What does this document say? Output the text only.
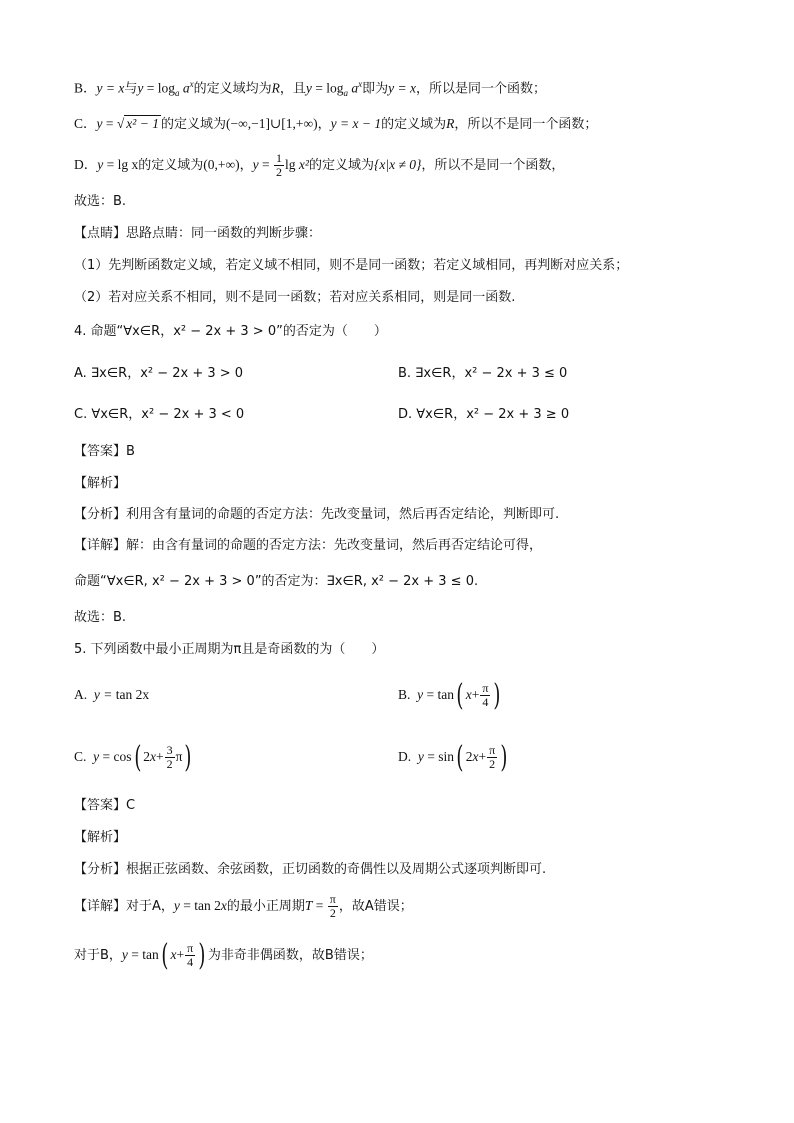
B．y = x与$y = \log_a a^x$的定义域均为R，且$y = \log_a a^x$即为y = x，所以是同一个函数；
C．y = √ x² − 1 的定义域为(−∞,−1]∪[1,+∞)，y = x − 1的定义域为R，所以不是同一个函数；
D．y = lg x的定义域为(0,+∞)，$y = \frac{1}{2}$ lg x²的定义域为{x|x ≠ 0}，所以不是同一个函数，
故选：B.
【点睛】思路点睛：同一函数的判断步骤：
（1）先判断函数定义域，若定义域不相同，则不是同一函数；若定义域相同，再判断对应关系；
（2）若对应关系不相同，则不是同一函数；若对应关系相同，则是同一函数.
4. 命题“∀x∈R，x² − 2x + 3 > 0”的否定为（　　）
A. ∃x∈R，x² − 2x + 3 > 0	B. ∃x∈R，x² − 2x + 3 ≤ 0
C. ∀x∈R，x² − 2x + 3 < 0	D. ∀x∈R，x² − 2x + 3 ≥ 0
【答案】B
【解析】
【分析】利用含有量词的命题的否定方法：先改变量词，然后再否定结论，判断即可.
【详解】解：由含有量词的命题的否定方法：先改变量词，然后再否定结论可得，
命题“∀x∈R, x² − 2x + 3 > 0”的否定为：∃x∈R, x² − 2x + 3 ≤ 0.
故选：B.
5. 下列函数中最小正周期为π且是奇函数的为（　　）
A.  y = tan 2x	B.  y = tan( $x+ \frac{\pi}{4}$ )
C.  y = cos( $2x+ \frac{3}{2} \pi$)	D.  y = sin( $2x+ \frac{\pi}{2}$ )
【答案】C
【解析】
【分析】根据正弦函数、余弦函数，正切函数的奇偶性以及周期公式逐项判断即可.
【详解】对于A，y = tan 2x的最小正周期$T = \frac{\pi}{2}$ ，故A错误；
对于B，y = tan( $x+ \frac{\pi}{4}$ ) 为非奇非偶函数，故B错误；
